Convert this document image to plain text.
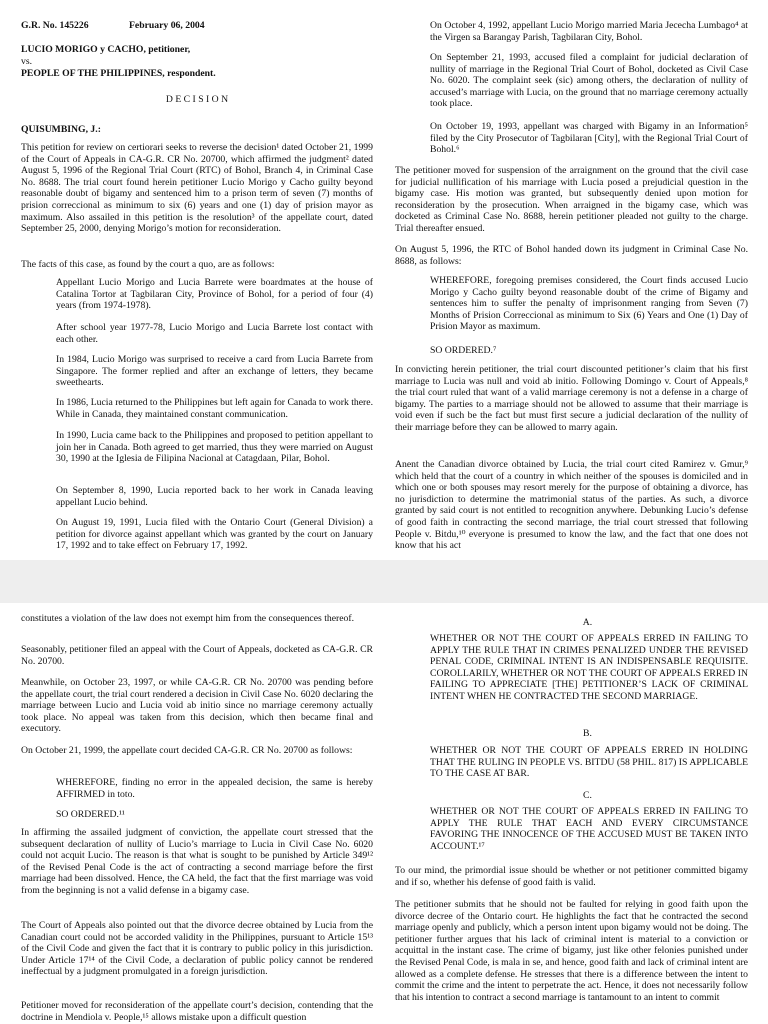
G.R. No. 145226	February 06, 2004

LUCIO MORIGO y CACHO, petitioner,

vs.

PEOPLE OF THE PHILIPPINES, respondent.

D E C I S I O N

QUISUMBING, J.:

This petition for review on certiorari seeks to reverse the decision¹ dated October 21, 1999 of the Court of Appeals in CA-G.R. CR No. 20700, which affirmed the judgment² dated August 5, 1996 of the Regional Trial Court (RTC) of Bohol, Branch 4, in Criminal Case No. 8688. The trial court found herein petitioner Lucio Morigo y Cacho guilty beyond reasonable doubt of bigamy and sentenced him to a prison term of seven (7) months of prision correccional as minimum to six (6) years and one (1) day of prision mayor as maximum. Also assailed in this petition is the resolution³ of the appellate court, dated September 25, 2000, denying Morigo’s motion for reconsideration.

The facts of this case, as found by the court a quo, are as follows:

Appellant Lucio Morigo and Lucia Barrete were boardmates at the house of Catalina Tortor at Tagbilaran City, Province of Bohol, for a period of four (4) years (from 1974-1978).

After school year 1977-78, Lucio Morigo and Lucia Barrete lost contact with each other.

In 1984, Lucio Morigo was surprised to receive a card from Lucia Barrete from Singapore. The former replied and after an exchange of letters, they became sweethearts.

In 1986, Lucia returned to the Philippines but left again for Canada to work there. While in Canada, they maintained constant communication.

In 1990, Lucia came back to the Philippines and proposed to petition appellant to join her in Canada. Both agreed to get married, thus they were married on August 30, 1990 at the Iglesia de Filipina Nacional at Catagdaan, Pilar, Bohol.

On September 8, 1990, Lucia reported back to her work in Canada leaving appellant Lucio behind.

On August 19, 1991, Lucia filed with the Ontario Court (General Division) a petition for divorce against appellant which was granted by the court on January 17, 1992 and to take effect on February 17, 1992.

On October 4, 1992, appellant Lucio Morigo married Maria Jececha Lumbago⁴ at the Virgen sa Barangay Parish, Tagbilaran City, Bohol.

On September 21, 1993, accused filed a complaint for judicial declaration of nullity of marriage in the Regional Trial Court of Bohol, docketed as Civil Case No. 6020. The complaint seek (sic) among others, the declaration of nullity of accused’s marriage with Lucia, on the ground that no marriage ceremony actually took place.

On October 19, 1993, appellant was charged with Bigamy in an Information⁵ filed by the City Prosecutor of Tagbilaran [City], with the Regional Trial Court of Bohol.⁶

The petitioner moved for suspension of the arraignment on the ground that the civil case for judicial nullification of his marriage with Lucia posed a prejudicial question in the bigamy case. His motion was granted, but subsequently denied upon motion for reconsideration by the prosecution. When arraigned in the bigamy case, which was docketed as Criminal Case No. 8688, herein petitioner pleaded not guilty to the charge. Trial thereafter ensued.

On August 5, 1996, the RTC of Bohol handed down its judgment in Criminal Case No. 8688, as follows:

WHEREFORE, foregoing premises considered, the Court finds accused Lucio Morigo y Cacho guilty beyond reasonable doubt of the crime of Bigamy and sentences him to suffer the penalty of imprisonment ranging from Seven (7) Months of Prision Correccional as minimum to Six (6) Years and One (1) Day of Prision Mayor as maximum.

SO ORDERED.⁷

In convicting herein petitioner, the trial court discounted petitioner’s claim that his first marriage to Lucia was null and void ab initio. Following Domingo v. Court of Appeals,⁸ the trial court ruled that want of a valid marriage ceremony is not a defense in a charge of bigamy. The parties to a marriage should not be allowed to assume that their marriage is void even if such be the fact but must first secure a judicial declaration of the nullity of their marriage before they can be allowed to marry again.

Anent the Canadian divorce obtained by Lucia, the trial court cited Ramirez v. Gmur,⁹ which held that the court of a country in which neither of the spouses is domiciled and in which one or both spouses may resort merely for the purpose of obtaining a divorce, has no jurisdiction to determine the matrimonial status of the parties. As such, a divorce granted by said court is not entitled to recognition anywhere. Debunking Lucio’s defense of good faith in contracting the second marriage, the trial court stressed that following People v. Bitdu,¹⁰ everyone is presumed to know the law, and the fact that one does not know that his act

constitutes a violation of the law does not exempt him from the consequences thereof.

Seasonably, petitioner filed an appeal with the Court of Appeals, docketed as CA-G.R. CR No. 20700.

Meanwhile, on October 23, 1997, or while CA-G.R. CR No. 20700 was pending before the appellate court, the trial court rendered a decision in Civil Case No. 6020 declaring the marriage between Lucio and Lucia void ab initio since no marriage ceremony actually took place. No appeal was taken from this decision, which then became final and executory.

On October 21, 1999, the appellate court decided CA-G.R. CR No. 20700 as follows:

WHEREFORE, finding no error in the appealed decision, the same is hereby AFFIRMED in toto.

SO ORDERED.¹¹

In affirming the assailed judgment of conviction, the appellate court stressed that the subsequent declaration of nullity of Lucio’s marriage to Lucia in Civil Case No. 6020 could not acquit Lucio. The reason is that what is sought to be punished by Article 349¹² of the Revised Penal Code is the act of contracting a second marriage before the first marriage had been dissolved. Hence, the CA held, the fact that the first marriage was void from the beginning is not a valid defense in a bigamy case.

The Court of Appeals also pointed out that the divorce decree obtained by Lucia from the Canadian court could not be accorded validity in the Philippines, pursuant to Article 15¹³ of the Civil Code and given the fact that it is contrary to public policy in this jurisdiction. Under Article 17¹⁴ of the Civil Code, a declaration of public policy cannot be rendered ineffectual by a judgment promulgated in a foreign jurisdiction.

Petitioner moved for reconsideration of the appellate court’s decision, contending that the doctrine in Mendiola v. People,¹⁵ allows mistake upon a difficult question

A.

WHETHER OR NOT THE COURT OF APPEALS ERRED IN FAILING TO APPLY THE RULE THAT IN CRIMES PENALIZED UNDER THE REVISED PENAL CODE, CRIMINAL INTENT IS AN INDISPENSABLE REQUISITE. COROLLARILY, WHETHER OR NOT THE COURT OF APPEALS ERRED IN FAILING TO APPRECIATE [THE] PETITIONER’S LACK OF CRIMINAL INTENT WHEN HE CONTRACTED THE SECOND MARRIAGE.

B.

WHETHER OR NOT THE COURT OF APPEALS ERRED IN HOLDING THAT THE RULING IN PEOPLE VS. BITDU (58 PHIL. 817) IS APPLICABLE TO THE CASE AT BAR.

C.

WHETHER OR NOT THE COURT OF APPEALS ERRED IN FAILING TO APPLY THE RULE THAT EACH AND EVERY CIRCUMSTANCE FAVORING THE INNOCENCE OF THE ACCUSED MUST BE TAKEN INTO ACCOUNT.¹⁷

To our mind, the primordial issue should be whether or not petitioner committed bigamy and if so, whether his defense of good faith is valid.

The petitioner submits that he should not be faulted for relying in good faith upon the divorce decree of the Ontario court. He highlights the fact that he contracted the second marriage openly and publicly, which a person intent upon bigamy would not be doing. The petitioner further argues that his lack of criminal intent is material to a conviction or acquittal in the instant case. The crime of bigamy, just like other felonies punished under the Revised Penal Code, is mala in se, and hence, good faith and lack of criminal intent are allowed as a complete defense. He stresses that there is a difference between the intent to commit the crime and the intent to perpetrate the act. Hence, it does not necessarily follow that his intention to contract a second marriage is tantamount to an intent to commit
